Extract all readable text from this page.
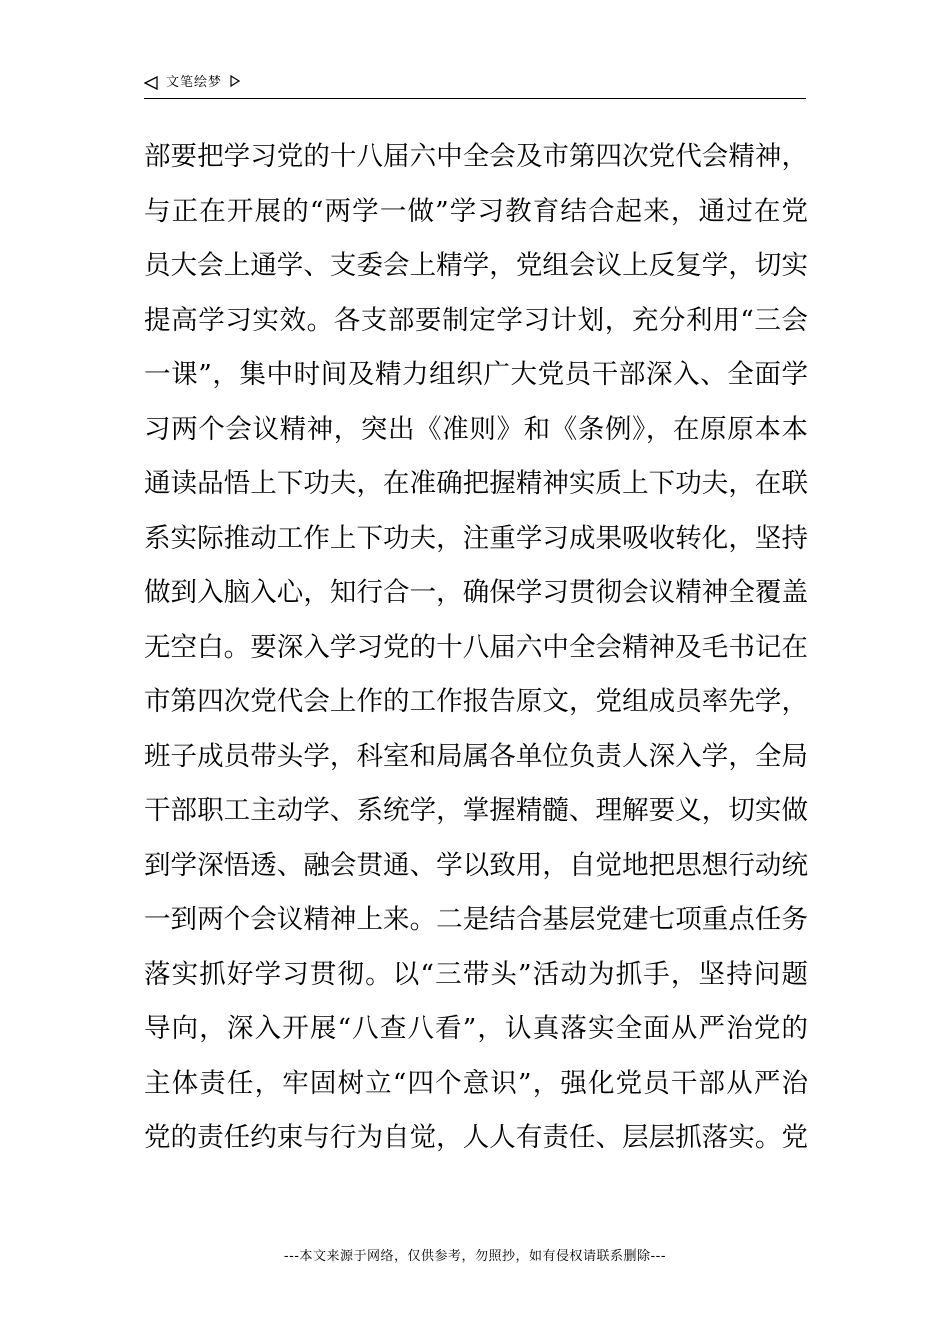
文笔绘梦
部要把学习党的十八届六中全会及市第四次党代会精神，
与正在开展的“两学一做”学习教育结合起来，通过在党
员大会上通学、支委会上精学，党组会议上反复学，切实
提高学习实效。各支部要制定学习计划，充分利用“三会
一课”，集中时间及精力组织广大党员干部深入、全面学
习两个会议精神，突出《准则》和《条例》，在原原本本
通读品悟上下功夫，在准确把握精神实质上下功夫，在联
系实际推动工作上下功夫，注重学习成果吸收转化，坚持
做到入脑入心，知行合一，确保学习贯彻会议精神全覆盖
无空白。要深入学习党的十八届六中全会精神及毛书记在
市第四次党代会上作的工作报告原文，党组成员率先学，
班子成员带头学，科室和局属各单位负责人深入学，全局
干部职工主动学、系统学，掌握精髓、理解要义，切实做
到学深悟透、融会贯通、学以致用，自觉地把思想行动统
一到两个会议精神上来。二是结合基层党建七项重点任务
落实抓好学习贯彻。以“三带头”活动为抓手，坚持问题
导向，深入开展“八查八看”，认真落实全面从严治党的
主体责任，牢固树立“四个意识”，强化党员干部从严治
党的责任约束与行为自觉，人人有责任、层层抓落实。党
---本文来源于网络，仅供参考，勿照抄，如有侵权请联系删除---
